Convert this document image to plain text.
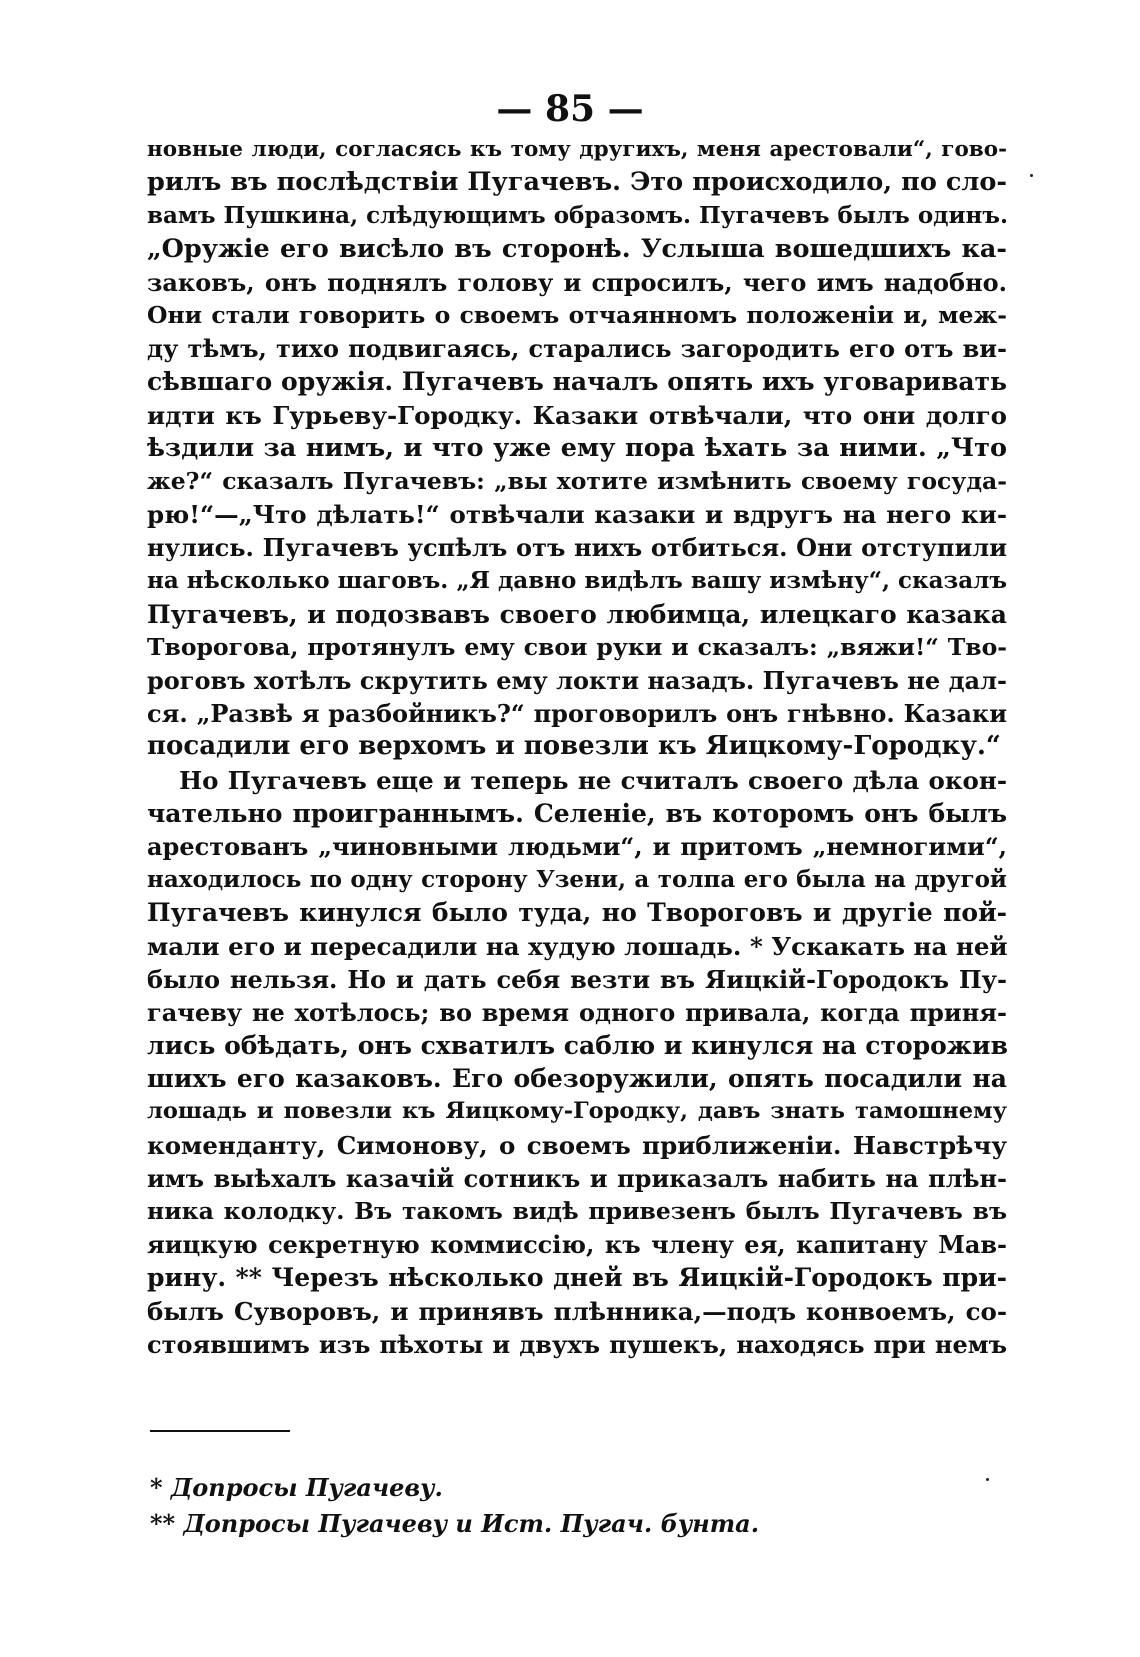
— 85 —
новные люди, согласясь къ тому другихъ, меня арестовали“, гово-
рилъ въ послѣдствіи Пугачевъ. Это происходило, по сло-
вамъ Пушкина, слѣдующимъ образомъ. Пугачевъ былъ одинъ.
„Оружіе его висѣло въ сторонѣ. Услыша вошедшихъ ка-
заковъ, онъ поднялъ голову и спросилъ, чего имъ надобно.
Они стали говорить о своемъ отчаянномъ положеніи и, меж-
ду тѣмъ, тихо подвигаясь, старались загородить его отъ ви-
сѣвшаго оружія. Пугачевъ началъ опять ихъ уговаривать
идти къ Гурьеву-Городку. Казаки отвѣчали, что они долго
ѣздили за нимъ, и что уже ему пора ѣхать за ними. „Что
же?“ сказалъ Пугачевъ: „вы хотите измѣнить своему госуда-
рю!“—„Что дѣлать!“ отвѣчали казаки и вдругъ на него ки-
нулись. Пугачевъ успѣлъ отъ нихъ отбиться. Они отступили
на нѣсколько шаговъ. „Я давно видѣлъ вашу измѣну“, сказалъ
Пугачевъ, и подозвавъ своего любимца, илецкаго казака
Творогова, протянулъ ему свои руки и сказалъ: „вяжи!“ Тво-
роговъ хотѣлъ скрутить ему локти назадъ. Пугачевъ не дал-
ся. „Развѣ я разбойникъ?“ проговорилъ онъ гнѣвно. Казаки
посадили его верхомъ и повезли къ Яицкому-Городку.“
Но Пугачевъ еще и теперь не считалъ своего дѣла окон-
чательно проиграннымъ. Селеніе, въ которомъ онъ былъ
арестованъ „чиновными людьми“, и притомъ „немногими“,
находилось по одну сторону Узени, а толпа его была на другой
Пугачевъ кинулся было туда, но Твороговъ и другіе пой-
мали его и пересадили на худую лошадь. * Ускакать на ней
было нельзя. Но и дать себя везти въ Яицкій-Городокъ Пу-
гачеву не хотѣлось; во время одного привала, когда приня-
лись обѣдать, онъ схватилъ саблю и кинулся на сторожив
шихъ его казаковъ. Его обезоружили, опять посадили на
лошадь и повезли къ Яицкому-Городку, давъ знать тамошнему
коменданту, Симонову, о своемъ приближеніи. Навстрѣчу
имъ выѣхалъ казачій сотникъ и приказалъ набить на плѣн-
ника колодку. Въ такомъ видѣ привезенъ былъ Пугачевъ въ
яицкую секретную коммиссію, къ члену ея, капитану Мав-
рину. ** Черезъ нѣсколько дней въ Яицкій-Городокъ при-
былъ Суворовъ, и принявъ плѣнника,—подъ конвоемъ, со-
стоявшимъ изъ пѣхоты и двухъ пушекъ, находясь при немъ
* Допросы Пугачеву.
** Допросы Пугачеву и Ист. Пугач. бунта.
